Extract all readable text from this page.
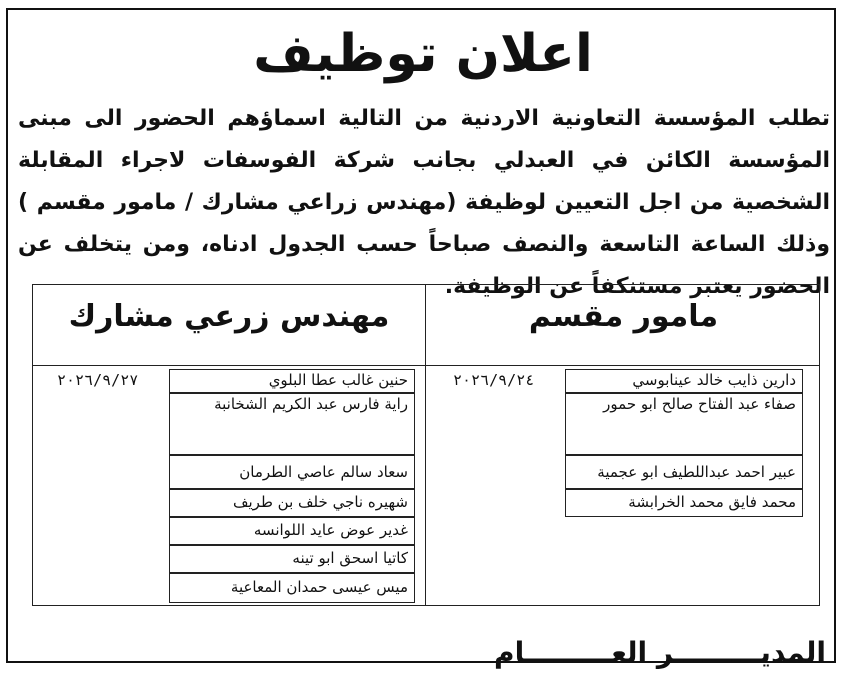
اعلان توظيف
تطلب المؤسسة التعاونية الاردنية من التالية اسماؤهم الحضور الى مبنى المؤسسة الكائن في العبدلي بجانب شركة الفوسفات لاجراء المقابلة الشخصية من اجل التعيين لوظيفة (مهندس زراعي مشارك / مامور مقسم ) وذلك الساعة التاسعة والنصف صباحاً حسب الجدول ادناه، ومن يتخلف عن الحضور يعتبر مستنكفاً عن الوظيفة.
مامور مقسم
مهندس زرعي مشارك
دارين ذايب خالد عينابوسي
صفاء عبد الفتاح صالح ابو حمور
عبير احمد عبداللطيف ابو عجمية
محمد فايق محمد الخرابشة
٢٠٢٦/٩/٢٤
حنين غالب عطا البلوي
راية فارس عبد الكريم الشخانبة
سعاد سالم عاصي الطرمان
شهيره ناجي خلف بن طريف
غدير عوض عايد اللوانسه
كاتيا اسحق ابو تينه
ميس عيسى حمدان المعاعية
٢٠٢٦/٩/٢٧
المديـــــــــر العـــــــــام
